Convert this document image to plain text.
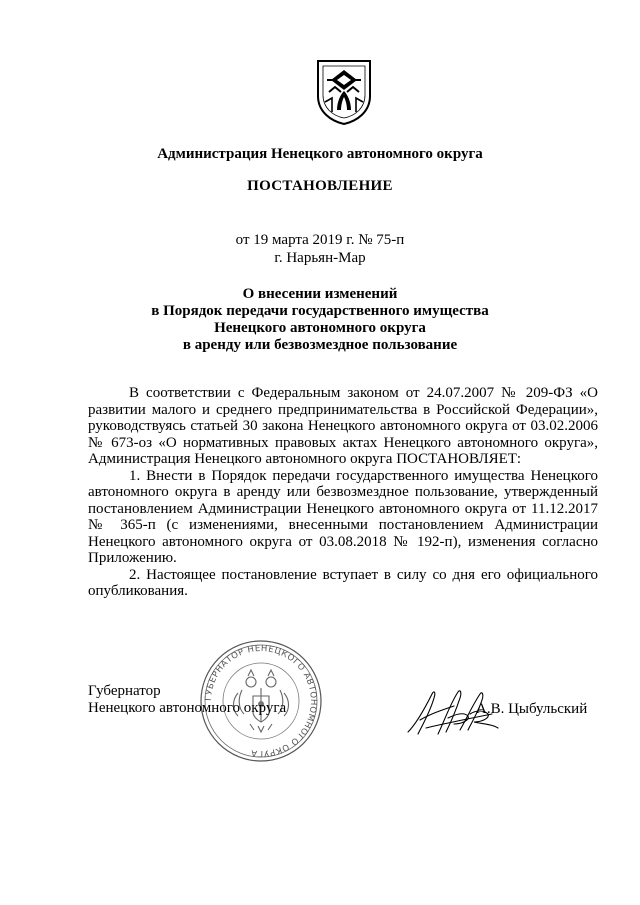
Администрация Ненецкого автономного округа
ПОСТАНОВЛЕНИЕ
от 19 марта 2019 г. № 75-п
г. Нарьян-Мар
О внесении изменений
в Порядок передачи государственного имущества
Ненецкого автономного округа
в аренду или безвозмездное пользование

В соответствии с Федеральным законом от 24.07.2007 № 209-ФЗ «О развитии малого и среднего предпринимательства в Российской Федерации», руководствуясь статьей 30 закона Ненецкого автономного округа от 03.02.2006 № 673-оз «О нормативных правовых актах Ненецкого автономного округа», Администрация Ненецкого автономного округа ПОСТАНОВЛЯЕТ:

1. Внести в Порядок передачи государственного имущества Ненецкого автономного округа в аренду или безвозмездное пользование, утвержденный постановлением Администрации Ненецкого автономного округа от 11.12.2017 № 365-п (с изменениями, внесенными постановлением Администрации Ненецкого автономного округа от 03.08.2018 № 192-п), изменения согласно Приложению.

2. Настоящее постановление вступает в силу со дня его официального опубликования.

ГУБЕРНАТОР НЕНЕЦКОГО АВТОНОМНОГО ОКРУГА
Губернатор
Ненецкого автономного округа	А.В. Цыбульский
